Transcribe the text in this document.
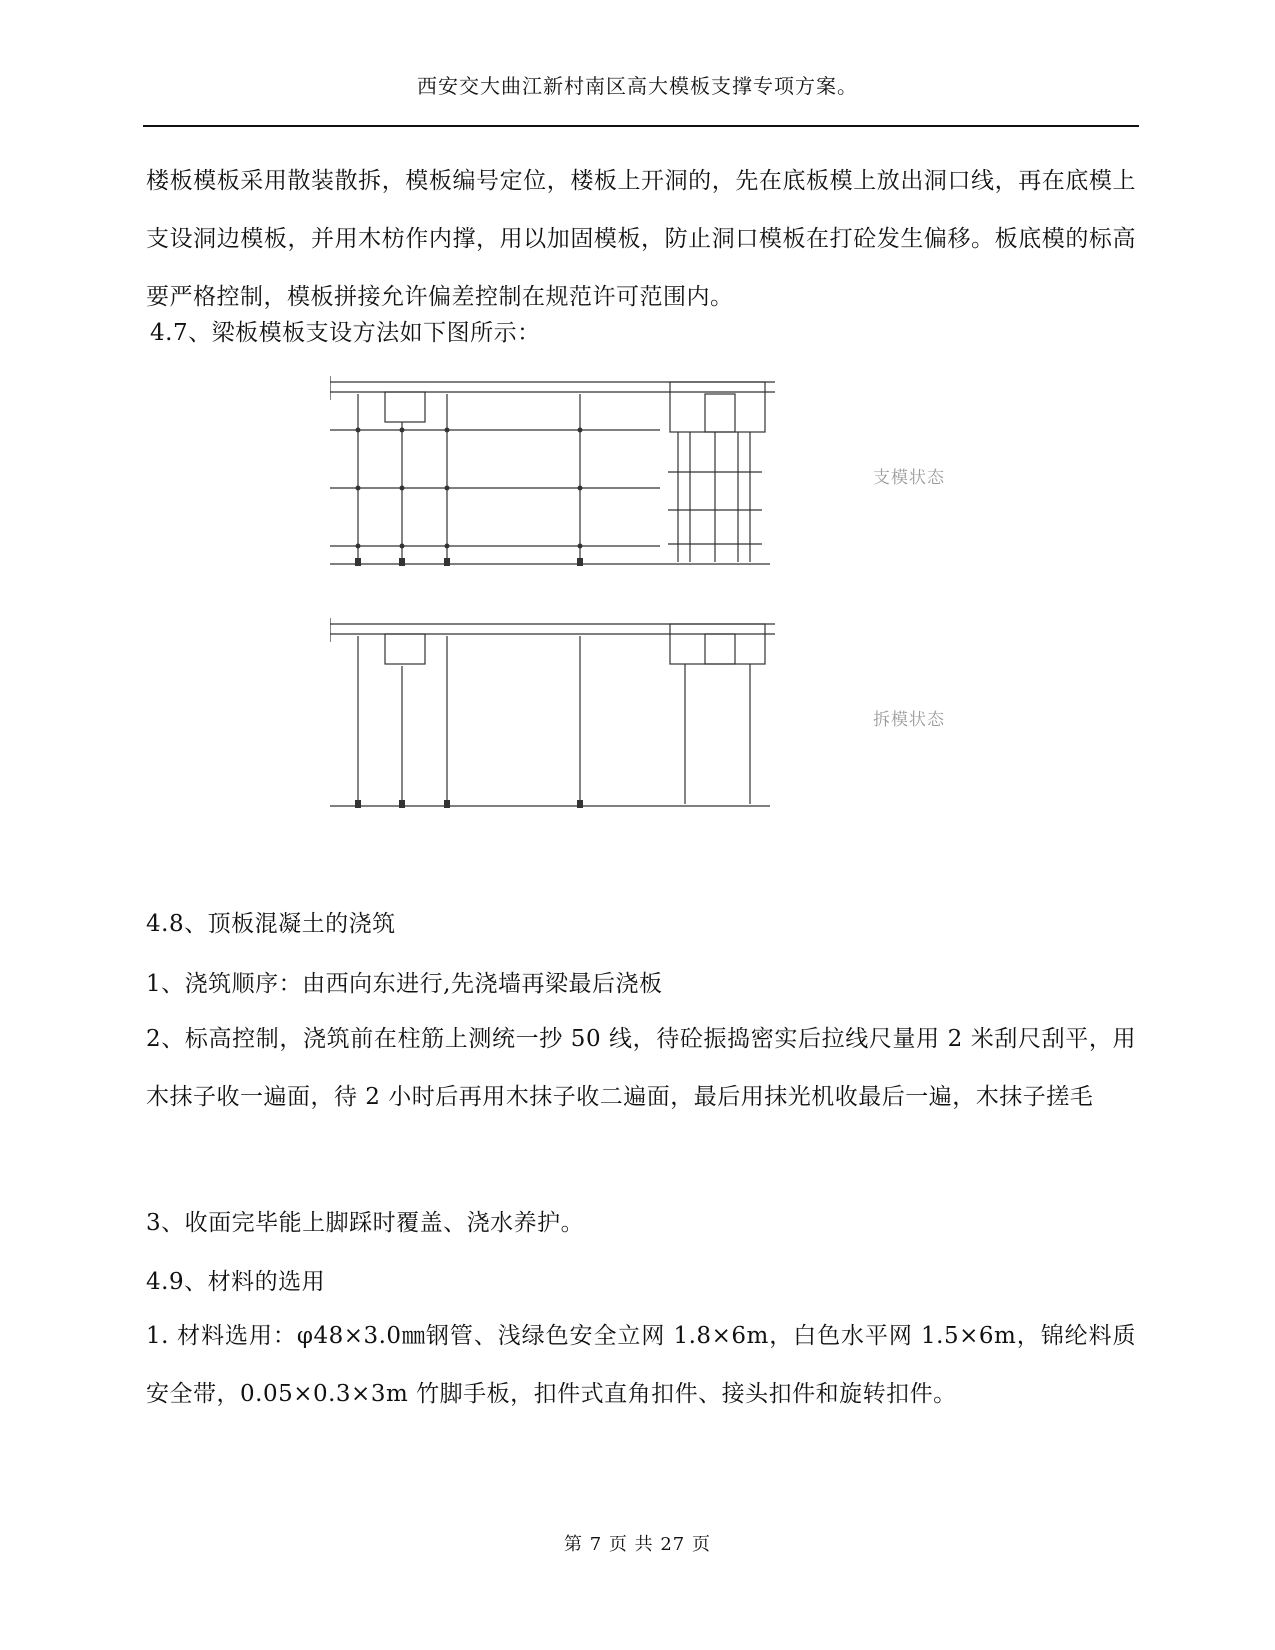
西安交大曲江新村南区高大模板支撑专项方案。
楼板模板采用散装散拆，模板编号定位，楼板上开洞的，先在底板模上放出洞口线，再在底模上支设洞边模板，并用木枋作内撑，用以加固模板，防止洞口模板在打砼发生偏移。板底模的标高要严格控制，模板拼接允许偏差控制在规范许可范围内。
4.7、梁板模板支设方法如下图所示：
支模状态
拆模状态
4.8、顶板混凝土的浇筑
1、浇筑顺序：由西向东进行,先浇墙再梁最后浇板
2、标高控制，浇筑前在柱筋上测统一抄 50 线，待砼振捣密实后拉线尺量用 2 米刮尺刮平，用木抹子收一遍面，待 2 小时后再用木抹子收二遍面，最后用抹光机收最后一遍，木抹子搓毛
3、收面完毕能上脚踩时覆盖、浇水养护。
4.9、材料的选用
1. 材料选用：φ48×3.0㎜钢管、浅绿色安全立网 1.8×6m，白色水平网 1.5×6m，锦纶料质安全带，0.05×0.3×3m 竹脚手板，扣件式直角扣件、接头扣件和旋转扣件。
第 7 页 共 27 页
